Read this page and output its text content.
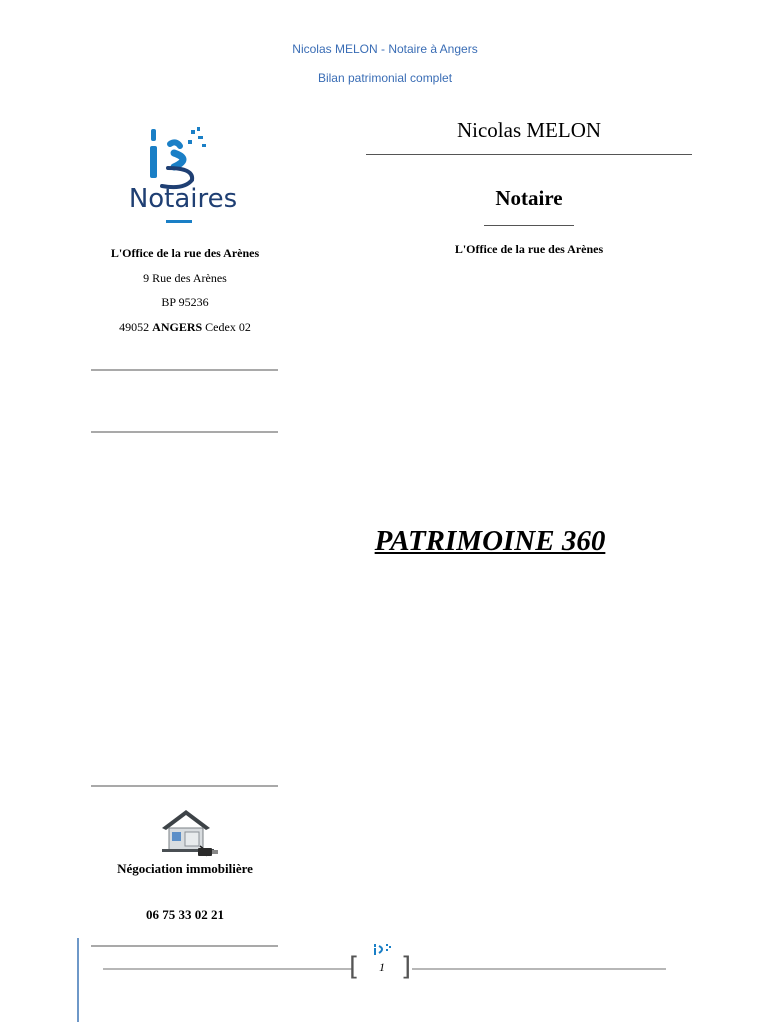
Nicolas MELON - Notaire à Angers
Bilan patrimonial complet
Notaires
L'Office de la rue des Arènes
9 Rue des Arènes
BP 95236
49052 ANGERS Cedex 02
Nicolas MELON
Notaire
L'Office de la rue des Arènes
PATRIMOINE 360
Négociation immobilière
06 75 33 02 21
[ ]
1
